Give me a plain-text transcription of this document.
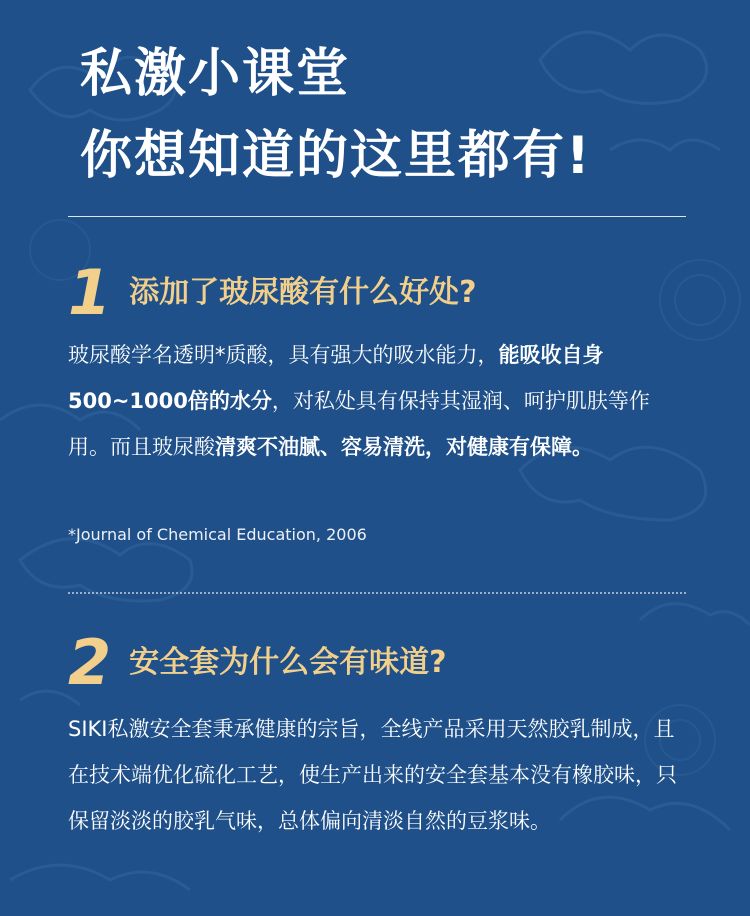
私激小课堂
你想知道的这里都有!
1 添加了玻尿酸有什么好处?
玻尿酸学名透明*质酸，具有强大的吸水能力，能吸收自身500~1000倍的水分，对私处具有保持其湿润、呵护肌肤等作用。而且玻尿酸清爽不油腻、容易清洗，对健康有保障。
*Journal of Chemical Education, 2006
2 安全套为什么会有味道?
SIKI私激安全套秉承健康的宗旨，全线产品采用天然胶乳制成，且在技术端优化硫化工艺，使生产出来的安全套基本没有橡胶味，只保留淡淡的胶乳气味，总体偏向清淡自然的豆浆味。
